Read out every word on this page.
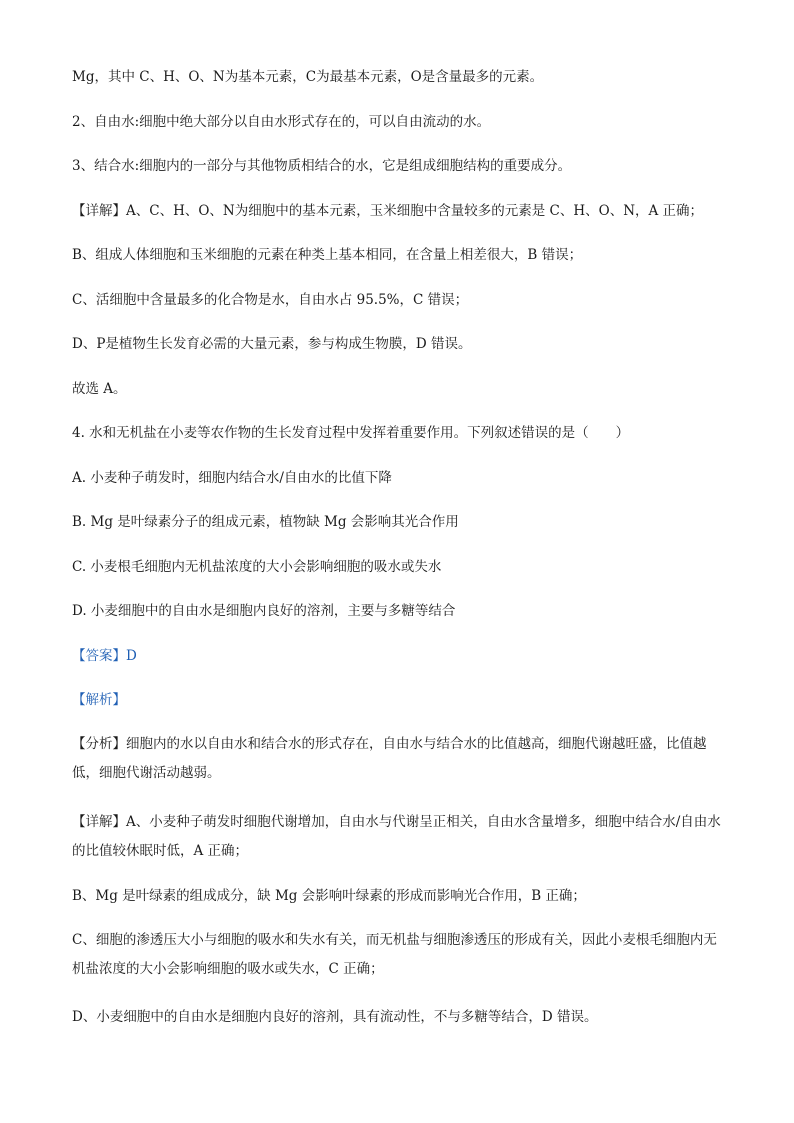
Mg，其中 C、H、O、N为基本元素，C为最基本元素，O是含量最多的元素。
2、自由水:细胞中绝大部分以自由水形式存在的，可以自由流动的水。
3、结合水:细胞内的一部分与其他物质相结合的水，它是组成细胞结构的重要成分。
【详解】A、C、H、O、N为细胞中的基本元素，玉米细胞中含量较多的元素是 C、H、O、N，A 正确；
B、组成人体细胞和玉米细胞的元素在种类上基本相同，在含量上相差很大，B 错误；
C、活细胞中含量最多的化合物是水，自由水占 95.5%，C 错误；
D、P是植物生长发育必需的大量元素，参与构成生物膜，D 错误。
故选 A。
4. 水和无机盐在小麦等农作物的生长发育过程中发挥着重要作用。下列叙述错误的是（　　）
A. 小麦种子萌发时，细胞内结合水/自由水的比值下降
B. Mg 是叶绿素分子的组成元素，植物缺 Mg 会影响其光合作用
C. 小麦根毛细胞内无机盐浓度的大小会影响细胞的吸水或失水
D. 小麦细胞中的自由水是细胞内良好的溶剂，主要与多糖等结合
【答案】D
【解析】
【分析】细胞内的水以自由水和结合水的形式存在，自由水与结合水的比值越高，细胞代谢越旺盛，比值越低，细胞代谢活动越弱。
【详解】A、小麦种子萌发时细胞代谢增加，自由水与代谢呈正相关，自由水含量增多，细胞中结合水/自由水的比值较休眠时低，A 正确；
B、Mg 是叶绿素的组成成分，缺 Mg 会影响叶绿素的形成而影响光合作用，B 正确；
C、细胞的渗透压大小与细胞的吸水和失水有关，而无机盐与细胞渗透压的形成有关，因此小麦根毛细胞内无机盐浓度的大小会影响细胞的吸水或失水，C 正确；
D、小麦细胞中的自由水是细胞内良好的溶剂，具有流动性，不与多糖等结合，D 错误。
